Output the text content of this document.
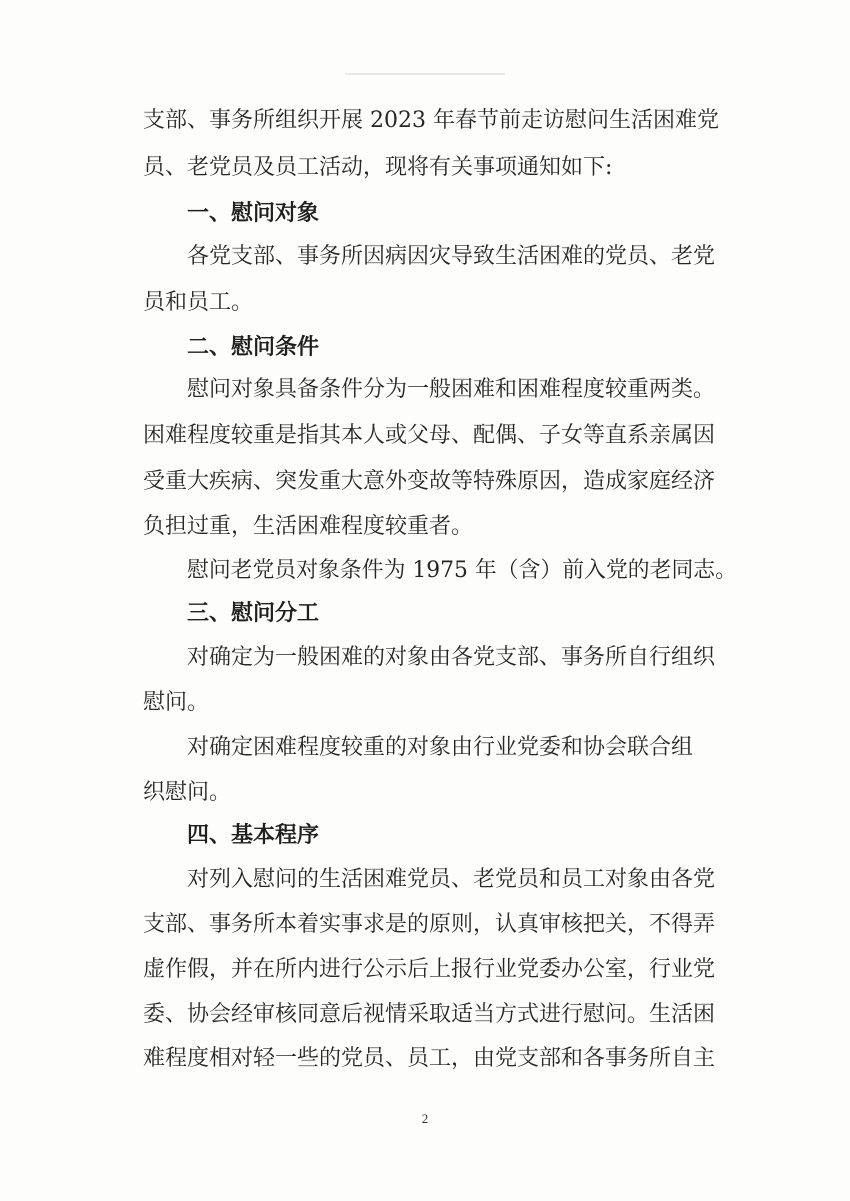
支部、事务所组织开展 2023 年春节前走访慰问生活困难党
员、老党员及员工活动，现将有关事项通知如下:
一、慰问对象
各党支部、事务所因病因灾导致生活困难的党员、老党
员和员工。
二、慰问条件
慰问对象具备条件分为一般困难和困难程度较重两类。
困难程度较重是指其本人或父母、配偶、子女等直系亲属因
受重大疾病、突发重大意外变故等特殊原因，造成家庭经济
负担过重，生活困难程度较重者。
慰问老党员对象条件为 1975 年（含）前入党的老同志。
三、慰问分工
对确定为一般困难的对象由各党支部、事务所自行组织
慰问。
对确定困难程度较重的对象由行业党委和协会联合组
织慰问。
四、基本程序
对列入慰问的生活困难党员、老党员和员工对象由各党
支部、事务所本着实事求是的原则，认真审核把关，不得弄
虚作假，并在所内进行公示后上报行业党委办公室，行业党
委、协会经审核同意后视情采取适当方式进行慰问。生活困
难程度相对轻一些的党员、员工，由党支部和各事务所自主
2
